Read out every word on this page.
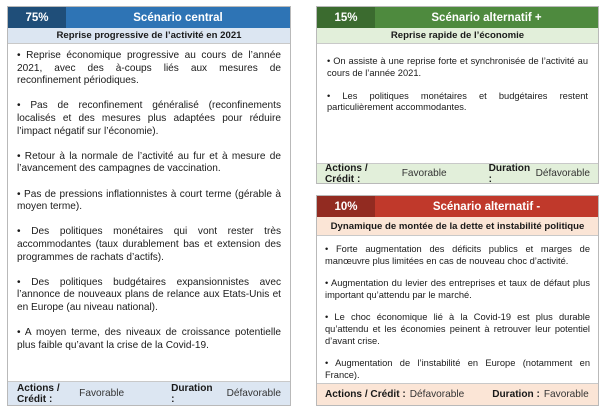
75%	Scénario central
Reprise progressive de l’activité en 2021

• Reprise économique progressive au cours de l’année 2021, avec des à-coups liés aux mesures de reconfinement périodiques.

• Pas de reconfinement généralisé (reconfinements localisés et des mesures plus adaptées pour réduire l’impact négatif sur l’économie).

• Retour à la normale de l’activité au fur et à mesure de l’avancement des campagnes de vaccination.

• Pas de pressions inflationnistes à court terme (gérable à moyen terme).

• Des politiques monétaires qui vont rester très accommodantes (taux durablement bas et extension des programmes de rachats d’actifs).

• Des politiques budgétaires expansionnistes avec l’annonce de nouveaux plans de relance aux Etats-Unis et en Europe (au niveau national).

• A moyen terme, des niveaux de croissance potentielle plus faible qu’avant la crise de la Covid-19.

Actions / Crédit :	Favorable	Duration :	Défavorable
15%	Scénario alternatif +
Reprise rapide de l’économie

• On assiste à une reprise forte et synchronisée de l’activité au cours de l’année 2021.

• Les politiques monétaires et budgétaires restent particulièrement accommodantes.

Actions / Crédit :	Favorable	Duration :	Défavorable
10%	Scénario alternatif -
Dynamique de montée de la dette et instabilité politique

• Forte augmentation des déficits publics et marges de manœuvre plus limitées en cas de nouveau choc d’activité.

• Augmentation du levier des entreprises et taux de défaut plus important qu’attendu par le marché.

• Le choc économique lié à la Covid-19 est plus durable qu’attendu et les économies peinent à retrouver leur potentiel d’avant crise.

• Augmentation de l’instabilité en Europe (notamment en France).

Actions / Crédit : Défavorable	Duration : Favorable
